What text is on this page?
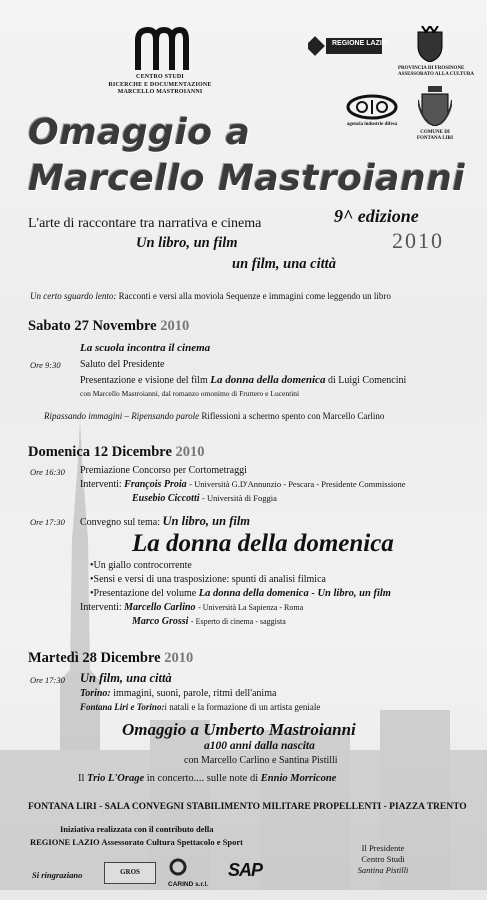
CENTRO STUDI
RICERCHE E DOCUMENTAZIONE
MARCELLO MASTROIANNI
REGIONE LAZIO
PROVINCIA DI FROSINONE
ASSESSORATO ALLA CULTURA
agenzia industrie difesa
COMUNE DI
FONTANA LIRI
Omaggio a
Marcello Mastroianni
L'arte di raccontare tra narrativa e cinema	9^ edizione
2010
Un libro, un film
un film, una città
Un certo sguardo lento: Racconti e versi alla moviola Sequenze e immagini come leggendo un libro
Sabato 27 Novembre 2010
La scuola incontra il cinema
Ore 9:30 Saluto del Presidente
Presentazione e visione del film La donna della domenica di Luigi Comencini
con Marcello Mastroianni, dal romanzo omonimo di Fruttero e Lucentini
Ripassando immagini – Ripensando parole Riflessioni a schermo spento con Marcello Carlino
Domenica 12 Dicembre 2010
Ore 16:30 Premiazione Concorso per Cortometraggi
Interventi: François Proia - Università G.D'Annunzio - Pescara - Presidente Commissione
Eusebio Ciccotti - Università di Foggia
Ore 17:30 Convegno sul tema: Un libro, un film
La donna della domenica
•Un giallo controcorrente
•Sensi e versi di una trasposizione: spunti di analisi filmica
•Presentazione del volume La donna della domenica - Un libro, un film
Interventi: Marcello Carlino - Università La Sapienza - Roma
Marco Grossi - Esperto di cinema - saggista
Martedì 28 Dicembre 2010
Ore 17:30 Un film, una città
Torino: immagini, suoni, parole, ritmi dell'anima
Fontana Liri e Torino:i natali e la formazione di un artista geniale
Omaggio a Umberto Mastroianni
a100 anni dalla nascita
con Marcello Carlino e Santina Pistilli
Il Trio L'Orage in concerto.... sulle note di Ennio Morricone
FONTANA LIRI - SALA CONVEGNI STABILIMENTO MILITARE PROPELLENTI - PIAZZA TRENTO
Iniziativa realizzata con il contributo della
REGIONE LAZIO Assessorato Cultura Spettacolo e Sport
Il Presidente
Centro Studi
Santina Pistilli
Si ringraziano	GROS
CARIND s.r.l.
SAP
